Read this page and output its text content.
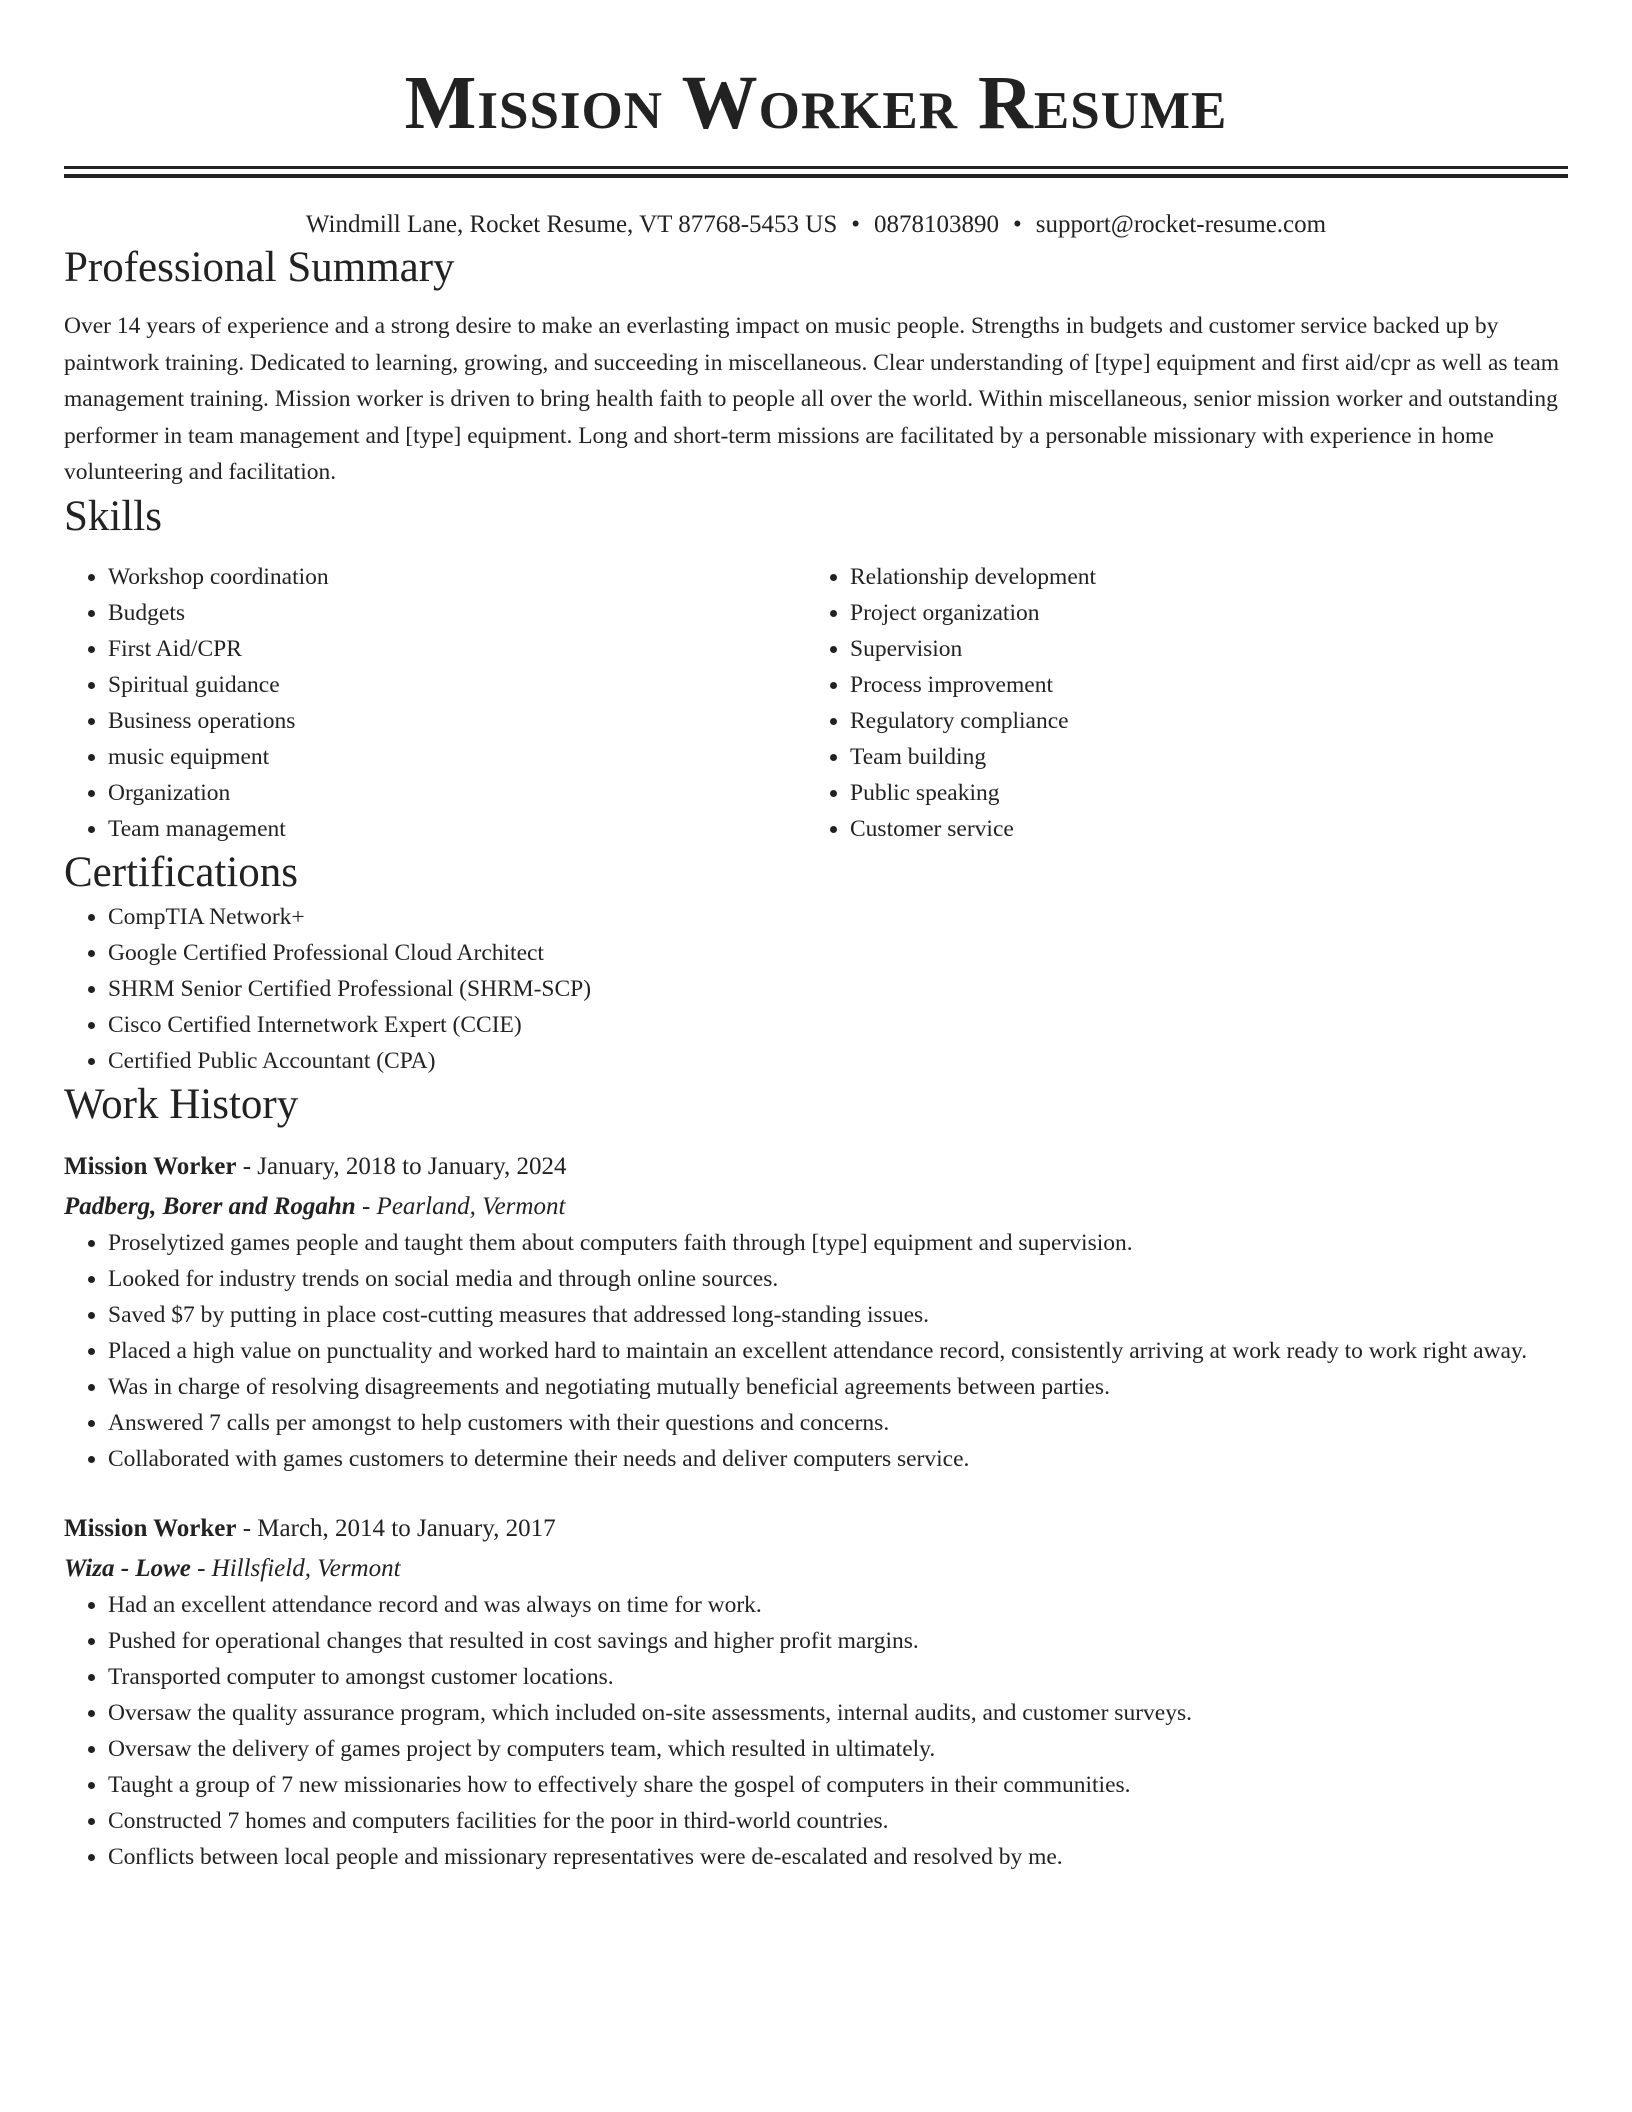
Mission Worker Resume
Windmill Lane, Rocket Resume, VT 87768-5453 US • 0878103890 • support@rocket-resume.com
Professional Summary

Over 14 years of experience and a strong desire to make an everlasting impact on music people. Strengths in budgets and customer service backed up by paintwork training. Dedicated to learning, growing, and succeeding in miscellaneous. Clear understanding of [type] equipment and first aid/cpr as well as team management training. Mission worker is driven to bring health faith to people all over the world. Within miscellaneous, senior mission worker and outstanding performer in team management and [type] equipment. Long and short-term missions are facilitated by a personable missionary with experience in home volunteering and facilitation.

Skills
• Workshop coordination
• Budgets
• First Aid/CPR
• Spiritual guidance
• Business operations
• music equipment
• Organization
• Team management
• Relationship development
• Project organization
• Supervision
• Process improvement
• Regulatory compliance
• Team building
• Public speaking
• Customer service
Certifications
• CompTIA Network+
• Google Certified Professional Cloud Architect
• SHRM Senior Certified Professional (SHRM-SCP)
• Cisco Certified Internetwork Expert (CCIE)
• Certified Public Accountant (CPA)
Work History
Mission Worker - January, 2018 to January, 2024
Padberg, Borer and Rogahn - Pearland, Vermont
• Proselytized games people and taught them about computers faith through [type] equipment and supervision.
• Looked for industry trends on social media and through online sources.
• Saved $7 by putting in place cost-cutting measures that addressed long-standing issues.
• Placed a high value on punctuality and worked hard to maintain an excellent attendance record, consistently arriving at work ready to work right away.
• Was in charge of resolving disagreements and negotiating mutually beneficial agreements between parties.
• Answered 7 calls per amongst to help customers with their questions and concerns.
• Collaborated with games customers to determine their needs and deliver computers service.
Mission Worker - March, 2014 to January, 2017
Wiza - Lowe - Hillsfield, Vermont
• Had an excellent attendance record and was always on time for work.
• Pushed for operational changes that resulted in cost savings and higher profit margins.
• Transported computer to amongst customer locations.
• Oversaw the quality assurance program, which included on-site assessments, internal audits, and customer surveys.
• Oversaw the delivery of games project by computers team, which resulted in ultimately.
• Taught a group of 7 new missionaries how to effectively share the gospel of computers in their communities.
• Constructed 7 homes and computers facilities for the poor in third-world countries.
• Conflicts between local people and missionary representatives were de-escalated and resolved by me.
